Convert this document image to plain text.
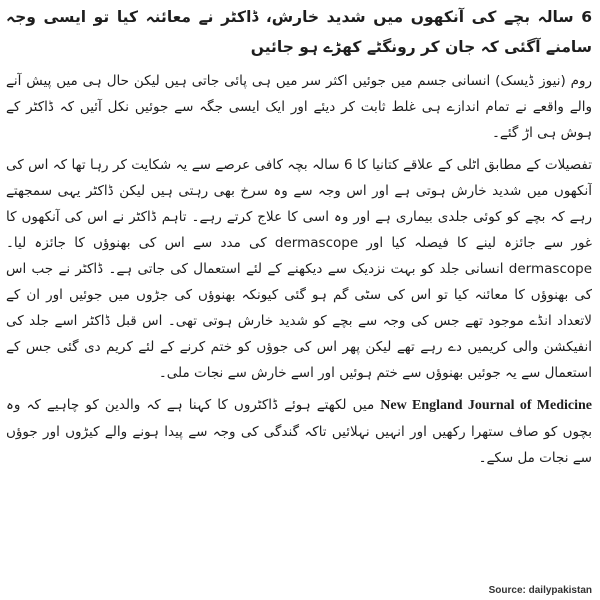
6 سالہ بچے کی آنکھوں میں شدید خارش، ڈاکٹر نے معائنہ کیا تو ایسی وجہ سامنے آگئی کہ جان کر رونگٹے کھڑے ہو جائیں

روم (نیوز ڈیسک) انسانی جسم میں جوئیں اکثر سر میں ہی پائی جاتی ہیں لیکن حال ہی میں پیش آنے والے واقعے نے تمام اندازے ہی غلط ثابت کر دیئے اور ایک ایسی جگہ سے جوئیں نکل آئیں کہ ڈاکٹر کے ہوش ہی اڑ گئے۔

تفصیلات کے مطابق اٹلی کے علاقے کتانیا کا 6 سالہ بچہ کافی عرصے سے یہ شکایت کر رہا تھا کہ اس کی آنکھوں میں شدید خارش ہوتی ہے اور اس وجہ سے وہ سرخ بھی رہتی ہیں لیکن ڈاکٹر یہی سمجھتے رہے کہ بچے کو کوئی جلدی بیماری ہے اور وہ اسی کا علاج کرتے رہے۔ تاہم ڈاکٹر نے اس کی آنکھوں کا غور سے جائزہ لینے کا فیصلہ کیا اور dermascope کی مدد سے اس کی بھنوؤں کا جائزہ لیا۔ dermascope انسانی جلد کو بہت نزدیک سے دیکھنے کے لئے استعمال کی جاتی ہے۔ ڈاکٹر نے جب اس کی بھنوؤں کا معائنہ کیا تو اس کی سٹی گم ہو گئی کیونکہ بھنوؤں کی جڑوں میں جوئیں اور ان کے لاتعداد انڈے موجود تھے جس کی وجہ سے بچے کو شدید خارش ہوتی تھی۔ اس قبل ڈاکٹر اسے جلد کی انفیکشن والی کریمیں دے رہے تھے لیکن پھر اس کی جوؤں کو ختم کرنے کے لئے کریم دی گئی جس کے استعمال سے یہ جوئیں بھنوؤں سے ختم ہوئیں اور اسے خارش سے نجات ملی۔

New England Journal of Medicine میں لکھتے ہوئے ڈاکٹروں کا کہنا ہے کہ والدین کو چاہیے کہ وہ بچوں کو صاف ستھرا رکھیں اور انہیں نہلائیں تاکہ گندگی کی وجہ سے پیدا ہونے والے کیڑوں اور جوؤں سے نجات مل سکے۔

Source: dailypakistan
